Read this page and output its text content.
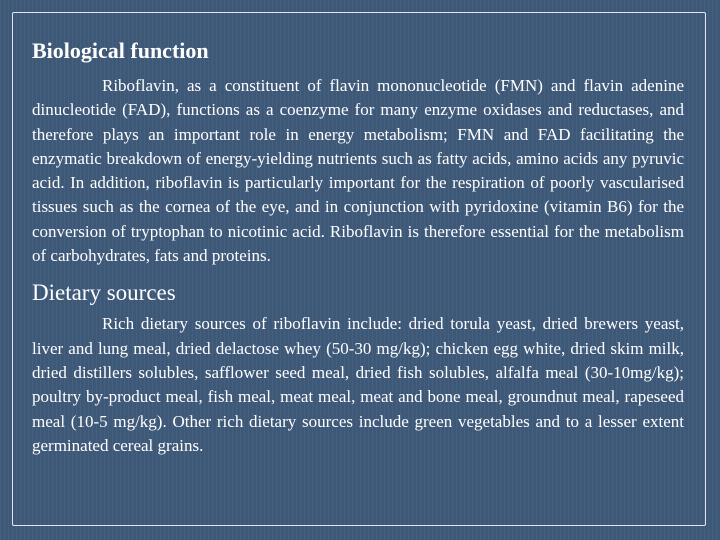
Biological function

Riboflavin, as a constituent of flavin mononucleotide (FMN) and flavin adenine dinucleotide (FAD), functions as a coenzyme for many enzyme oxidases and reductases, and therefore plays an important role in energy metabolism; FMN and FAD facilitating the enzymatic breakdown of energy-yielding nutrients such as fatty acids, amino acids any pyruvic acid. In addition, riboflavin is particularly important for the respiration of poorly vascularised tissues such as the cornea of the eye, and in conjunction with pyridoxine (vitamin B6) for the conversion of tryptophan to nicotinic acid. Riboflavin is therefore essential for the metabolism of carbohydrates, fats and proteins.

Dietary sources

Rich dietary sources of riboflavin include: dried torula yeast, dried brewers yeast, liver and lung meal, dried delactose whey (50-30 mg/kg); chicken egg white, dried skim milk, dried distillers solubles, safflower seed meal, dried fish solubles, alfalfa meal (30-10mg/kg); poultry by-product meal, fish meal, meat meal, meat and bone meal, groundnut meal, rapeseed meal (10-5 mg/kg). Other rich dietary sources include green vegetables and to a lesser extent germinated cereal grains.
